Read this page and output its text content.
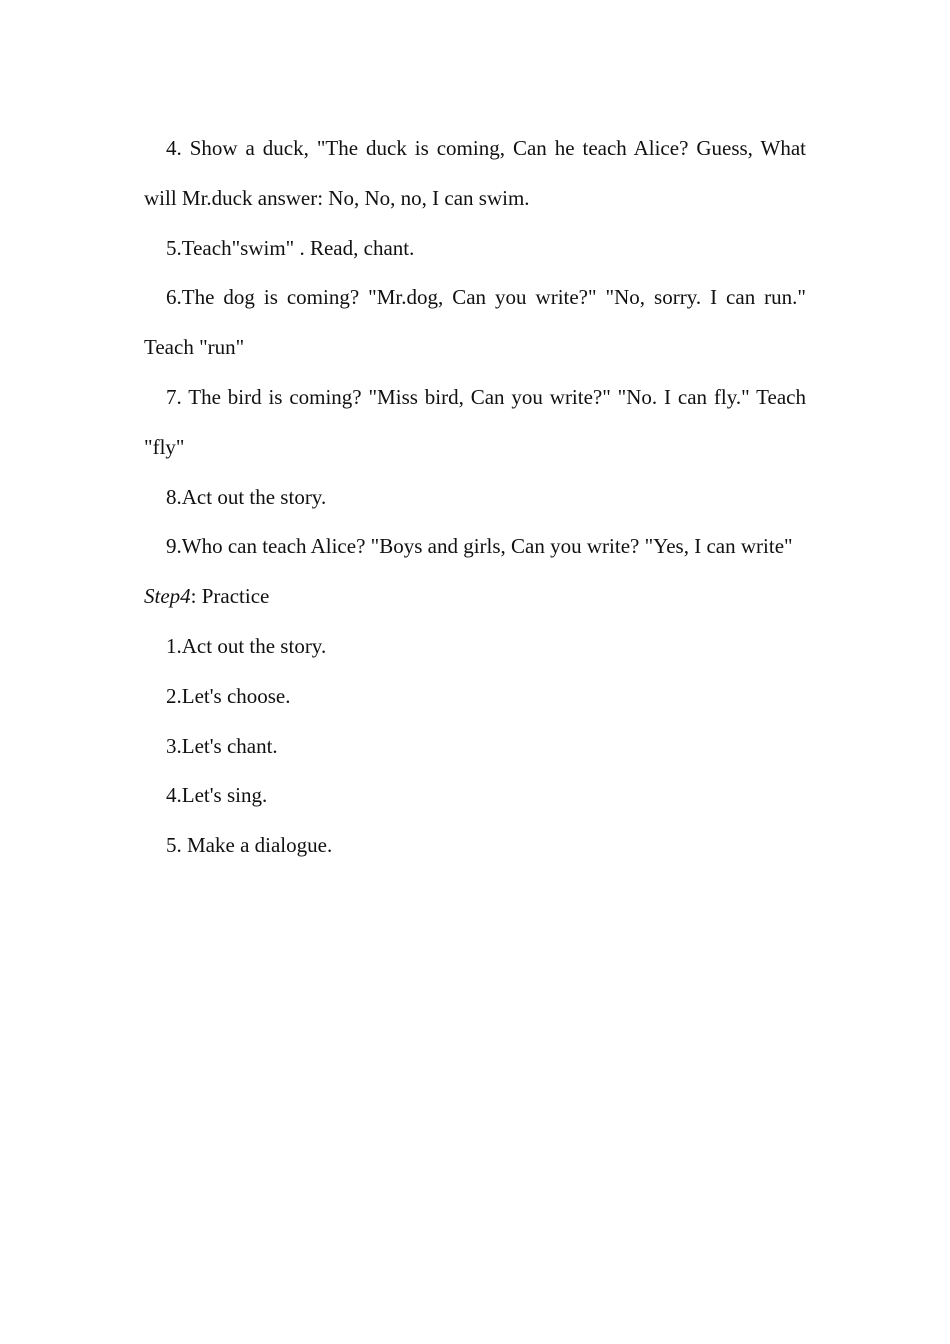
4. Show a duck, "The duck is coming, Can he teach Alice? Guess, What will Mr.duck answer: No, No, no, I can swim.

5.Teach"swim" . Read, chant.

6.The dog is coming? "Mr.dog, Can you write?" "No, sorry. I can run." Teach "run"

7. The bird is coming? "Miss bird, Can you write?" "No. I can fly." Teach "fly"

8.Act out the story.

9.Who can teach Alice? "Boys and girls, Can you write? "Yes, I can write"

Step4: Practice

1.Act out the story.

2.Let's choose.

3.Let's chant.

4.Let's sing.

5. Make a dialogue.
